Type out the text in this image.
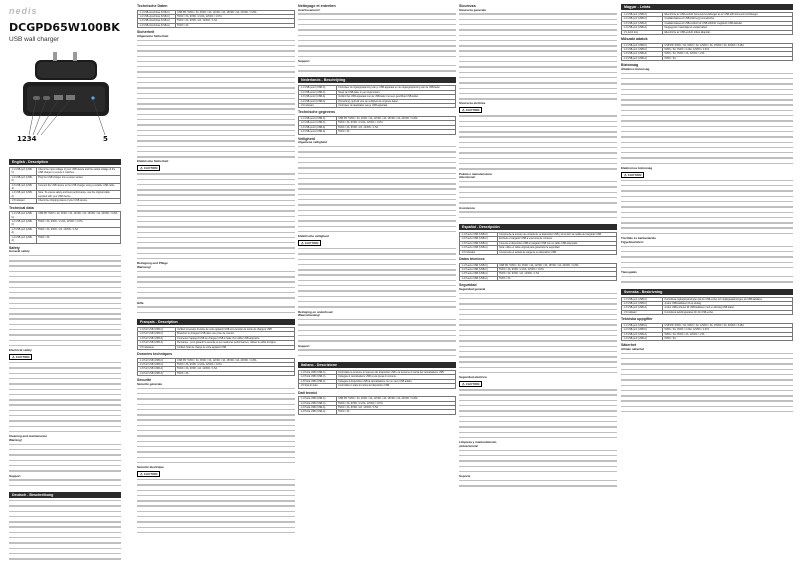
nedis
DCGPD65W100BK
USB wall charger
1234	5
English - Description
1.1 USB port (USB-C)	Check the input voltage of your USB device and the output voltage of the USB charger to ensure it matches.
1.2 USB port (USB-C)	Plug the USB charger into a power socket.
1.3 USB port (USB-A)	Connect the USB device to the USB charger using a suitable USB cable.
1.4 USB port (USB-A)	Note: To ensure safety and best performance, use the original cable supplied with your USB device.
1.5 Indicator	Check the charging status of your USB device.
Technical data
1.1 USB port (USB-C)	USB PD: 5VDC / 3A, 9VDC / 3A, 12VDC / 3A, 15VDC / 3A, 20VDC / 3.25A
1.2 USB port (USB-C)	5VDC / 3A, 9VDC / 2.22A, 12VDC / 1.67A
1.3 USB port (USB-A)	5VDC / 3A, 9VDC / 2A, 12VDC / 1.5A
1.4 USB port (USB-A)	5VDC / 3A
Safety
General safety
Electrical safety
⚠CAUTION
Cleaning and maintenance
Warning!
Support
Deutsch - Beschreibung
Technische Daten
1.1 USB-Anschluss (USB-C)	USB PD: 5VDC / 3A, 9VDC / 3A, 12VDC / 3A, 15VDC / 3A, 20VDC / 3.25A
1.2 USB-Anschluss (USB-C)	5VDC / 3A, 9VDC / 2.22A, 12VDC / 1.67A
1.3 USB-Anschluss (USB-A)	5VDC / 3A, 9VDC / 2A, 12VDC / 1.5A
1.4 USB-Anschluss (USB-A)	5VDC / 3A
Sicherheit
Allgemeine Sicherheit
Elektrische Sicherheit
⚠CAUTION
Reinigung und Pflege
Warnung!
Hilfe
Français - Description
1.1 Port USB (USB-C)	Vérifiez la tension d'entrée de votre appareil USB et la tension de sortie du chargeur USB.
1.2 Port USB (USB-C)	Branchez le chargeur USB dans une prise de courant.
1.3 Port USB (USB-A)	Connectez l'appareil USB au chargeur USB à l'aide d'un câble USB approprié.
1.4 Port USB (USB-A)	Remarque : pour garantir la sécurité et les meilleures performances, utilisez le câble d'origine.
1.5 Indicateur	Vérifiez l'état de charge de votre appareil USB.
Données techniques
1.1 Port USB (USB-C)	USB PD: 5VDC / 3A, 9VDC / 3A, 12VDC / 3A, 15VDC / 3A, 20VDC / 3.25A
1.2 Port USB (USB-C)	5VDC / 3A, 9VDC / 2.22A, 12VDC / 1.67A
1.3 Port USB (USB-A)	5VDC / 3A, 9VDC / 2A, 12VDC / 1.5A
1.4 Port USB (USB-A)	5VDC / 3A
Sécurité
Sécurité générale
Sécurité électrique
⚠CAUTION
Nettoyage et entretien
Avertissement !
Support
Nederlands - Beschrijving
1.1 USB-poort (USB-C)	Controleer de ingangsspanning van je USB-apparaat en de uitgangsspanning van de USB-lader.
1.2 USB-poort (USB-C)	Steek de USB-lader in een stopcontact.
1.3 USB-poort (USB-A)	Verbind het USB-apparaat met de USB-lader met een geschikte USB-kabel.
1.4 USB-poort (USB-A)	Opmerking: gebruik voor de veiligheid de originele kabel.
1.5 Indicator	Controleer de laadstatus van je USB-apparaat.
Technische gegevens
1.1 USB-poort (USB-C)	USB PD: 5VDC / 3A, 9VDC / 3A, 12VDC / 3A, 15VDC / 3A, 20VDC / 3.25A
1.2 USB-poort (USB-C)	5VDC / 3A, 9VDC / 2.22A, 12VDC / 1.67A
1.3 USB-poort (USB-A)	5VDC / 3A, 9VDC / 2A, 12VDC / 1.5A
1.4 USB-poort (USB-A)	5VDC / 3A
Veiligheid
Algemene veiligheid
Elektrische veiligheid
⚠CAUTION
Reiniging en onderhoud
Waarschuwing!
Support
Italiano - Descrizione
1.1 Porta USB (USB-C)	Controllare la tensione di ingresso del dispositivo USB e la tensione di uscita del caricabatterie USB.
1.2 Porta USB (USB-C)	Collegare il caricabatterie USB a una presa di corrente.
1.3 Porta USB (USB-A)	Collegare il dispositivo USB al caricabatterie con un cavo USB adatto.
1.5 Spia di stato	Controllare lo stato di carica del dispositivo USB.
Dati tecnici
1.1 Porta USB (USB-C)	USB PD: 5VDC / 3A, 9VDC / 3A, 12VDC / 3A, 15VDC / 3A, 20VDC / 3.25A
1.2 Porta USB (USB-C)	5VDC / 3A, 9VDC / 2.22A, 12VDC / 1.67A
1.3 Porta USB (USB-A)	5VDC / 3A, 9VDC / 2A, 12VDC / 1.5A
1.4 Porta USB (USB-A)	5VDC / 3A
Sicurezza
Sicurezza generale
Sicurezza elettrica
⚠CAUTION
Pulizia e manutenzione
Attenzione!
Assistenza
Español - Descripción
1.1 Puerto USB (USB-C)	Compruebe la tensión de entrada de su dispositivo USB y la tensión de salida del cargador USB.
1.2 Puerto USB (USB-C)	Enchufe el cargador USB a una toma de corriente.
1.3 Puerto USB (USB-A)	Conecte el dispositivo USB al cargador USB con un cable USB adecuado.
1.4 Puerto USB (USB-A)	Nota: utilice el cable original para garantizar la seguridad.
1.5 Indicador	Compruebe el estado de carga de su dispositivo USB.
Datos técnicos
1.1 Puerto USB (USB-C)	USB PD: 5VDC / 3A, 9VDC / 3A, 12VDC / 3A, 15VDC / 3A, 20VDC / 3.25A
1.2 Puerto USB (USB-C)	5VDC / 3A, 9VDC / 2.22A, 12VDC / 1.67A
1.3 Puerto USB (USB-A)	5VDC / 3A, 9VDC / 2A, 12VDC / 1.5A
1.4 Puerto USB (USB-A)	5VDC / 3A
Seguridad
Seguridad general
Seguridad eléctrica
⚠CAUTION
Limpieza y mantenimiento
¡Advertencia!
Soporte
Magyar - Leírás
1.1 USB-port (USB-C)	Ellenőrizze az USB-eszköz bemeneti feszültségét és az USB-töltő kimeneti feszültségét.
1.2 USB-port (USB-C)	Csatlakoztassa az USB-töltőt egy konnektorba.
1.3 USB-port (USB-A)	Csatlakoztassa az USB-eszközt az USB-töltőhöz megfelelő USB-kábellel.
1.4 USB-port (USB-A)	Megjegyzés: használja az eredeti kábelt.
1.5 Jelző fény	Ellenőrizze az USB-eszköz töltési állapotát.
Műszaki adatok
1.1 USB-port (USB-C)	USB PD: 5VDC / 3A, 9VDC / 3A, 12VDC / 3A, 15VDC / 3A, 20VDC / 3.25A
1.2 USB-port (USB-C)	5VDC / 3A, 9VDC / 2.22A, 12VDC / 1.67A
1.3 USB-port (USB-A)	5VDC / 3A, 9VDC / 2A, 12VDC / 1.5A
1.4 USB-port (USB-A)	5VDC / 3A
Biztonság
Általános biztonság
Elektromos biztonság
⚠CAUTION
Tisztítás és karbantartás
Figyelmeztetés!
Támogatás
Svenska - Beskrivning
1.1 USB-port (USB-C)	Kontrollera ingångsspänningen på din USB-enhet och utgångsspänningen på USB-laddaren.
1.2 USB-port (USB-C)	Anslut USB-laddaren till ett eluttag.
1.3 USB-port (USB-A)	Anslut USB-enheten till USB-laddaren med en lämplig USB-kabel.
1.5 Indikator	Kontrollera laddningsstatus för din USB-enhet.
Tekniska uppgifter
1.1 USB-port (USB-C)	USB PD: 5VDC / 3A, 9VDC / 3A, 12VDC / 3A, 15VDC / 3A, 20VDC / 3.25A
1.2 USB-port (USB-C)	5VDC / 3A, 9VDC / 2.22A, 12VDC / 1.67A
1.3 USB-port (USB-A)	5VDC / 3A, 9VDC / 2A, 12VDC / 1.5A
1.4 USB-port (USB-A)	5VDC / 3A
Säkerhet
Allmän säkerhet
